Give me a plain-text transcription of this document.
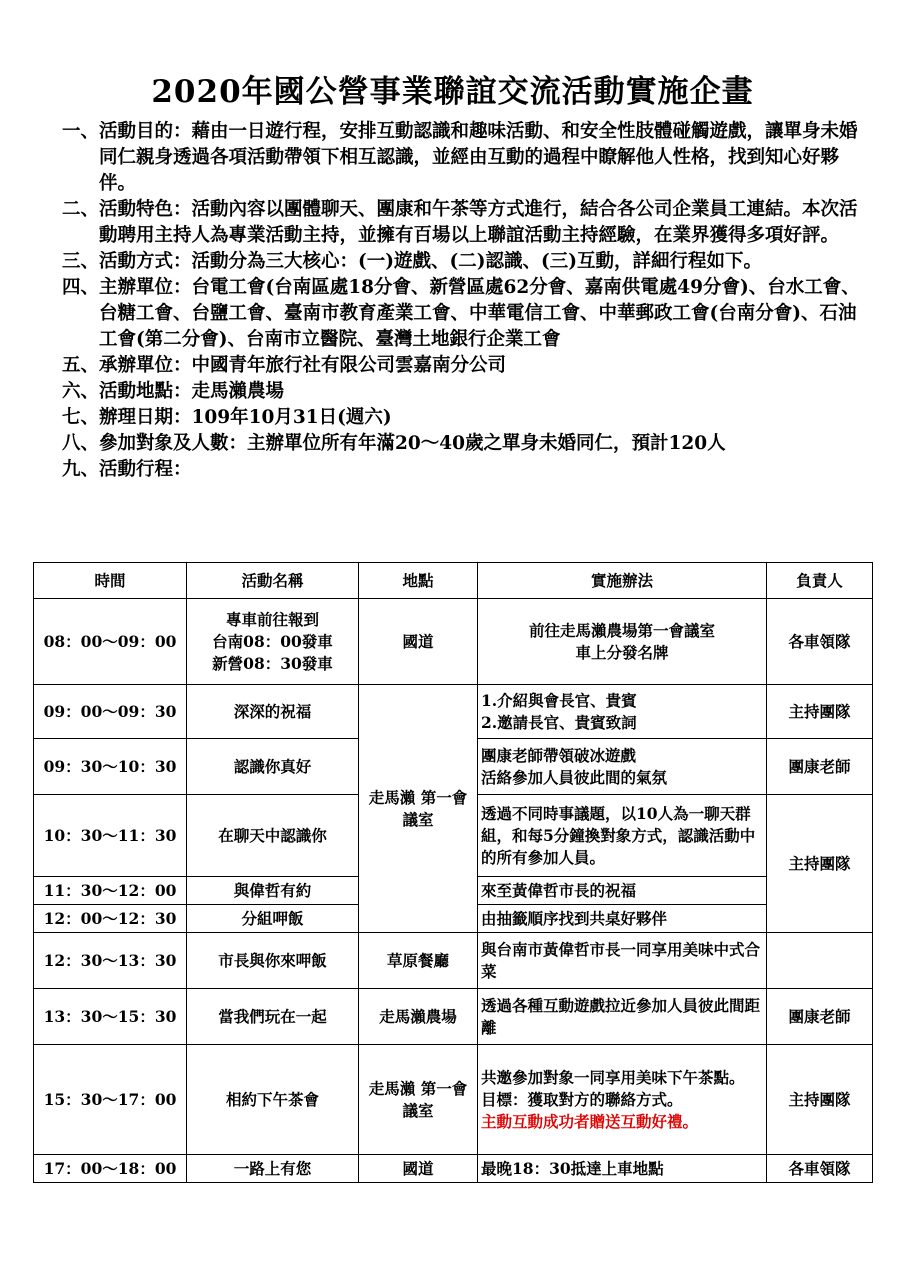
2020年國公營事業聯誼交流活動實施企畫
一、 活動目的：藉由一日遊行程，安排互動認識和趣味活動、和安全性肢體碰觸遊戲，讓單身未婚同仁親身透過各項活動帶領下相互認識，並經由互動的過程中瞭解他人性格，找到知心好夥伴。
二、 活動特色：活動內容以團體聊天、團康和午茶等方式進行，結合各公司企業員工連結。本次活動聘用主持人為專業活動主持，並擁有百場以上聯誼活動主持經驗，在業界獲得多項好評。
三、 活動方式：活動分為三大核心：(一)遊戲、(二)認識、(三)互動，詳細行程如下。
四、 主辦單位：台電工會(台南區處18分會、新營區處62分會、嘉南供電處49分會)、台水工會、台糖工會、台鹽工會、臺南市教育產業工會、中華電信工會、中華郵政工會(台南分會)、石油工會(第二分會)、台南市立醫院、臺灣土地銀行企業工會
五、 承辦單位：中國青年旅行社有限公司雲嘉南分公司
六、 活動地點：走馬瀨農場
七、 辦理日期：109年10月31日(週六)
八、 參加對象及人數：主辦單位所有年滿20～40歲之單身未婚同仁，預計120人
九、 活動行程：
時間	活動名稱	地點	實施辦法	負責人
08：00～09：00	專車前往報到
台南08：00發車
新營08：30發車	國道	前往走馬瀨農場第一會議室
車上分發名牌	各車領隊
09：00～09：30	深深的祝福	走馬瀨 第一會議室	1.介紹與會長官、貴賓
2.邀請長官、貴賓致詞	主持團隊
09：30～10：30	認識你真好		團康老師帶領破冰遊戲
活絡參加人員彼此間的氣氛	團康老師
10：30～11：30	在聊天中認識你		透過不同時事議題，以10人為一聊天群組，和每5分鐘換對象方式，認識活動中的所有參加人員。	主持團隊
11：30～12：00	與偉哲有約		來至黃偉哲市長的祝福	
12：00～12：30	分組呷飯		由抽籤順序找到共桌好夥伴	
12：30～13：30	市長與你來呷飯	草原餐廳	與台南市黃偉哲市長一同享用美味中式合菜	
13：30～15：30	當我們玩在一起	走馬瀨農場	透過各種互動遊戲拉近參加人員彼此間距離	團康老師
15：30～17：00	相約下午茶會	走馬瀨 第一會議室	共邀參加對象一同享用美味下午茶點。
目標：獲取對方的聯絡方式。
主動互動成功者贈送互動好禮。	主持團隊
17：00～18：00	一路上有您	國道	最晚18：30抵達上車地點	各車領隊
